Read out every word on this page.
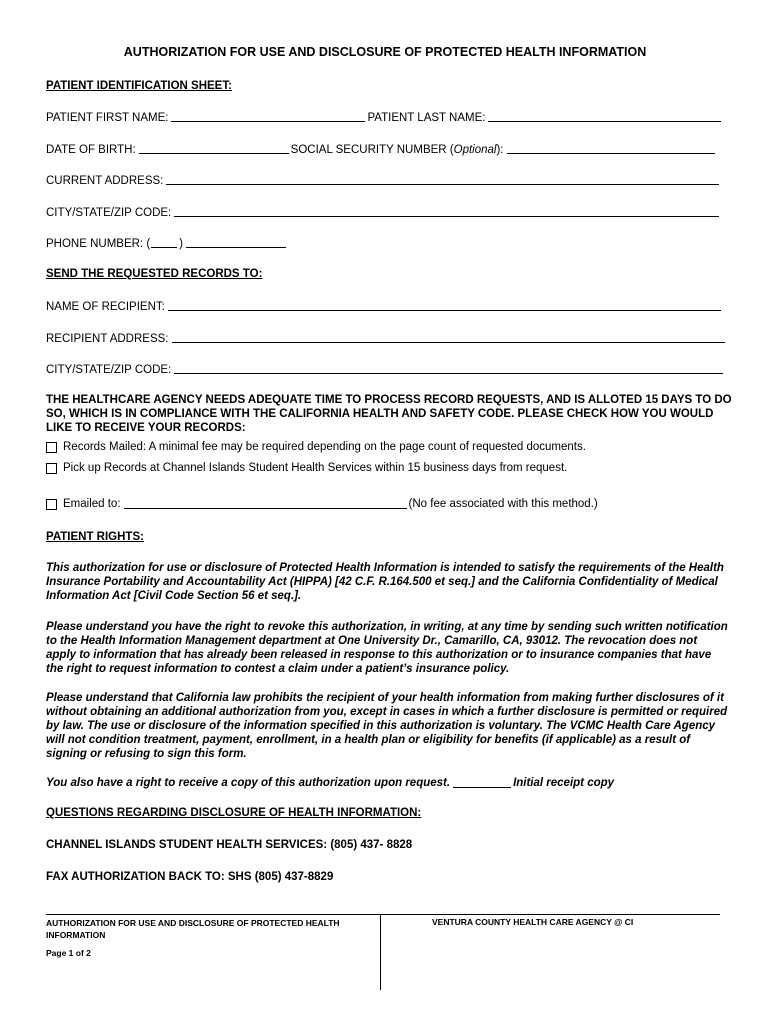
AUTHORIZATION FOR USE AND DISCLOSURE OF PROTECTED HEALTH INFORMATION
PATIENT IDENTIFICATION SHEET:
PATIENT FIRST NAME:	PATIENT LAST NAME:
DATE OF BIRTH:	SOCIAL SECURITY NUMBER (Optional):
CURRENT ADDRESS:
CITY/STATE/ZIP CODE:
PHONE NUMBER: (	)
SEND THE REQUESTED RECORDS TO:
NAME OF RECIPIENT:
RECIPIENT ADDRESS:
CITY/STATE/ZIP CODE:
THE HEALTHCARE AGENCY NEEDS ADEQUATE TIME TO PROCESS RECORD REQUESTS, AND IS ALLOTED 15 DAYS TO DO SO, WHICH IS IN COMPLIANCE WITH THE CALIFORNIA HEALTH AND SAFETY CODE. PLEASE CHECK HOW YOU WOULD LIKE TO RECEIVE YOUR RECORDS:
Records Mailed: A minimal fee may be required depending on the page count of requested documents.
Pick up Records at Channel Islands Student Health Services within 15 business days from request.
Emailed to:	(No fee associated with this method.)
PATIENT RIGHTS:
This authorization for use or disclosure of Protected Health Information is intended to satisfy the requirements of the Health Insurance Portability and Accountability Act (HIPPA) [42 C.F. R.164.500 et seq.] and the California Confidentiality of Medical Information Act [Civil Code Section 56 et seq.].
Please understand you have the right to revoke this authorization, in writing, at any time by sending such written notification to the Health Information Management department at One University Dr., Camarillo, CA, 93012. The revocation does not apply to information that has already been released in response to this authorization or to insurance companies that have the right to request information to contest a claim under a patient’s insurance policy.
Please understand that California law prohibits the recipient of your health information from making further disclosures of it without obtaining an additional authorization from you, except in cases in which a further disclosure is permitted or required by law. The use or disclosure of the information specified in this authorization is voluntary. The VCMC Health Care Agency will not condition treatment, payment, enrollment, in a health plan or eligibility for benefits (if applicable) as a result of signing or refusing to sign this form.
You also have a right to receive a copy of this authorization upon request.	Initial receipt copy
QUESTIONS REGARDING DISCLOSURE OF HEALTH INFORMATION:
CHANNEL ISLANDS STUDENT HEALTH SERVICES: (805) 437- 8828
FAX AUTHORIZATION BACK TO: SHS (805) 437-8829
AUTHORIZATION FOR USE AND DISCLOSURE OF PROTECTED HEALTH INFORMATION
Page 1 of 2
VENTURA COUNTY HEALTH CARE AGENCY @ CI
